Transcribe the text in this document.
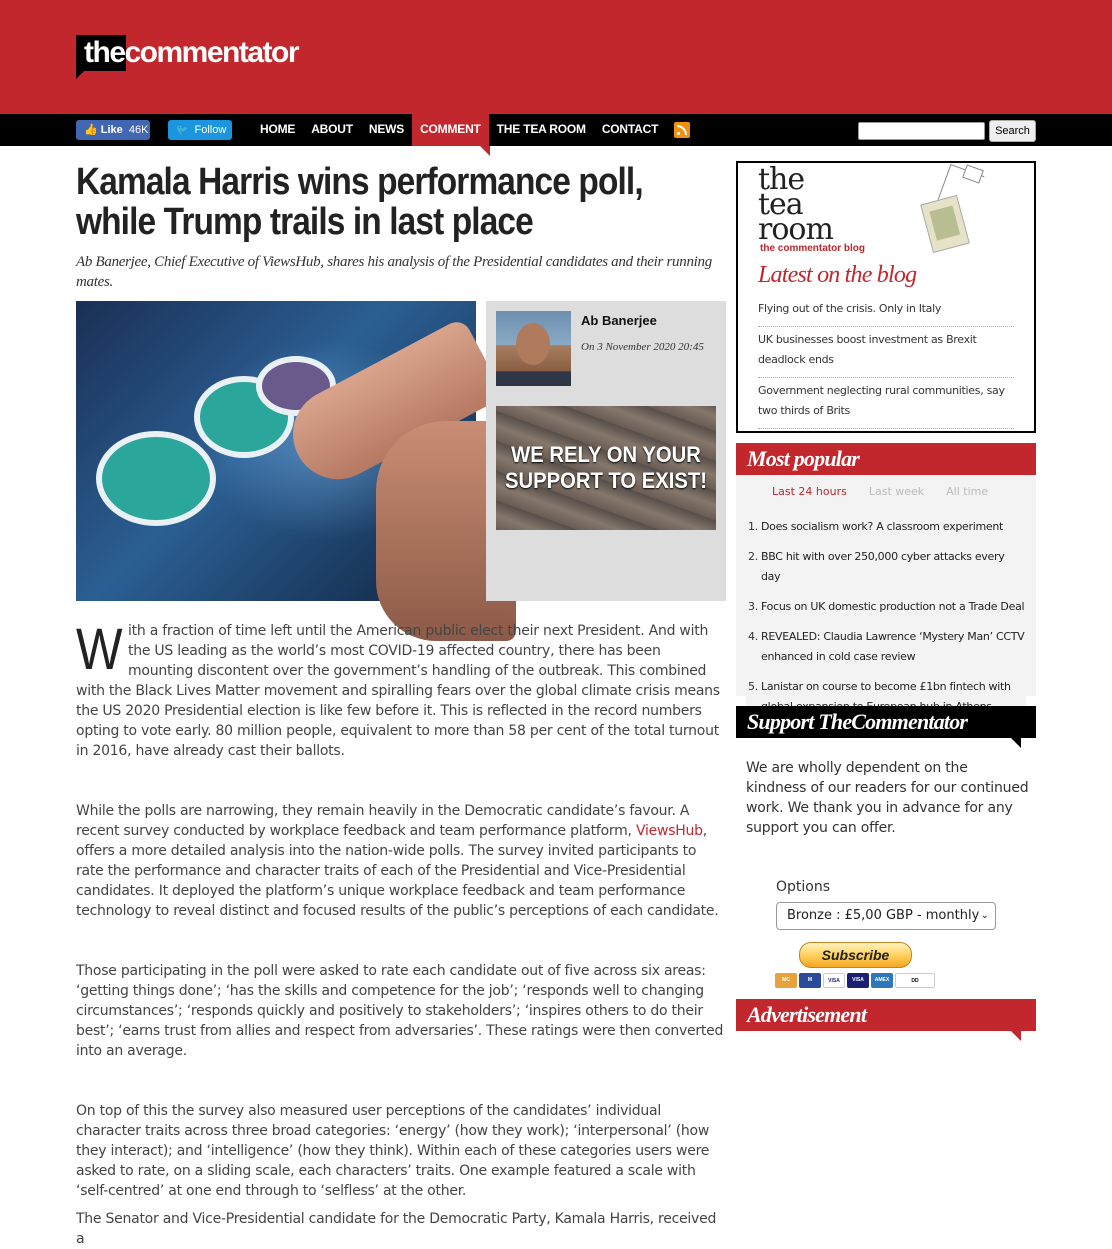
thecommentator
👍 Like 46K	🐦 Follow	HOME	ABOUT	NEWS	COMMENT	THE TEA ROOM	CONTACT	Search
Kamala Harris wins performance poll, while Trump trails in last place

Ab Banerjee, Chief Executive of ViewsHub, shares his analysis of the Presidential candidates and their running mates.

Ab Banerjee
On 3 November 2020 20:45
WE RELY ON YOUR SUPPORT TO EXIST!
W ith a fraction of time left until the American public elect their next President. And with the US leading as the world’s most COVID-19 affected country, there has been mounting discontent over the government’s handling of the outbreak. This combined with the Black Lives Matter movement and spiralling fears over the global climate crisis means the US 2020 Presidential election is like few before it. This is reflected in the record numbers opting to vote early. 80 million people, equivalent to more than 58 per cent of the total turnout in 2016, have already cast their ballots.
While the polls are narrowing, they remain heavily in the Democratic candidate’s favour. A recent survey conducted by workplace feedback and team performance platform, ViewsHub, offers a more detailed analysis into the nation-wide polls. The survey invited participants to rate the performance and character traits of each of the Presidential and Vice-Presidential candidates. It deployed the platform’s unique workplace feedback and team performance technology to reveal distinct and focused results of the public’s perceptions of each candidate.
Those participating in the poll were asked to rate each candidate out of five across six areas: ‘getting things done’; ‘has the skills and competence for the job’; ‘responds well to changing circumstances’; ‘responds quickly and positively to stakeholders’; ‘inspires others to do their best’; ‘earns trust from allies and respect from adversaries’. These ratings were then converted into an average.
On top of this the survey also measured user perceptions of the candidates’ individual character traits across three broad categories: ‘energy’ (how they work); ‘interpersonal’ (how they interact); and ‘intelligence’ (how they think). Within each of these categories users were asked to rate, on a sliding scale, each characters’ traits. One example featured a scale with ‘self-centred’ at one end through to ‘selfless’ at the other.
The Senator and Vice-Presidential candidate for the Democratic Party, Kamala Harris, received a
the
tea
room
the commentator blog
Latest on the blog
Flying out of the crisis. Only in Italy
UK businesses boost investment as Brexit deadlock ends
Government neglecting rural communities, say two thirds of Brits
Most popular
Last 24 hours Last week All time
1. Does socialism work? A classroom experiment
2. BBC hit with over 250,000 cyber attacks every day
3. Focus on UK domestic production not a Trade Deal
4. REVEALED: Claudia Lawrence ‘Mystery Man’ CCTV enhanced in cold case review
5. Lanistar on course to become £1bn fintech with
Support TheCommentator
We are wholly dependent on the kindness of our readers for our continued work. We thank you in advance for any support you can offer.
Options
Bronze : £5,00 GBP - monthly ⌄
Subscribe
MC	M	VISA	VISA	AMEX	DD
Advertisement
